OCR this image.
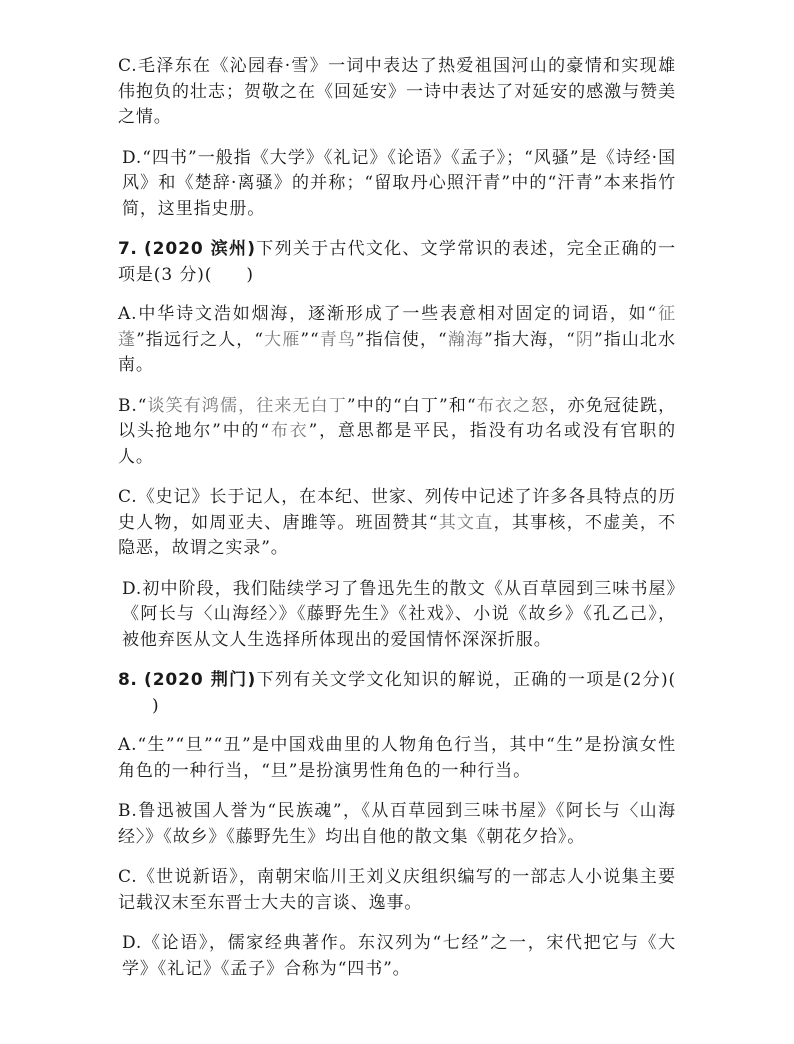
C.毛泽东在《沁园春·雪》一词中表达了热爱祖国河山的豪情和实现雄伟抱负的壮志；贺敬之在《回延安》一诗中表达了对延安的感激与赞美之情。

D.“四书”一般指《大学》《礼记》《论语》《孟子》；“风骚”是《诗经·国风》和《楚辞·离骚》的并称；“留取丹心照汗青”中的“汗青”本来指竹简，这里指史册。

7. (2020 滨州)下列关于古代文化、文学常识的表述，完全正确的一项是(3 分)( )

A.中华诗文浩如烟海，逐渐形成了一些表意相对固定的词语，如“征蓬”指远行之人，“大雁”“青鸟”指信使，“瀚海”指大海，“阴”指山北水南。

B.“谈笑有鸿儒，往来无白丁”中的“白丁”和“布衣之怒，亦免冠徒跣，以头抢地尔”中的“布衣”，意思都是平民，指没有功名或没有官职的人。

C.《史记》长于记人，在本纪、世家、列传中记述了许多各具特点的历史人物，如周亚夫、唐雎等。班固赞其“其文直，其事核，不虚美，不隐恶，故谓之实录”。

D.初中阶段，我们陆续学习了鲁迅先生的散文《从百草园到三味书屋》《阿长与〈山海经〉》《藤野先生》《社戏》、小说《故乡》《孔乙己》，被他弃医从文人生选择所体现出的爱国情怀深深折服。

8. (2020 荆门)下列有关文学文化知识的解说，正确的一项是(2分)()

A.“生”“旦”“丑”是中国戏曲里的人物角色行当，其中“生”是扮演女性角色的一种行当，“旦”是扮演男性角色的一种行当。

B.鲁迅被国人誉为“民族魂”，《从百草园到三味书屋》《阿长与〈山海经〉》《故乡》《藤野先生》均出自他的散文集《朝花夕拾》。

C.《世说新语》，南朝宋临川王刘义庆组织编写的一部志人小说集主要记载汉末至东晋士大夫的言谈、逸事。

D.《论语》，儒家经典著作。东汉列为“七经”之一，宋代把它与《大学》《礼记》《孟子》合称为“四书”。
